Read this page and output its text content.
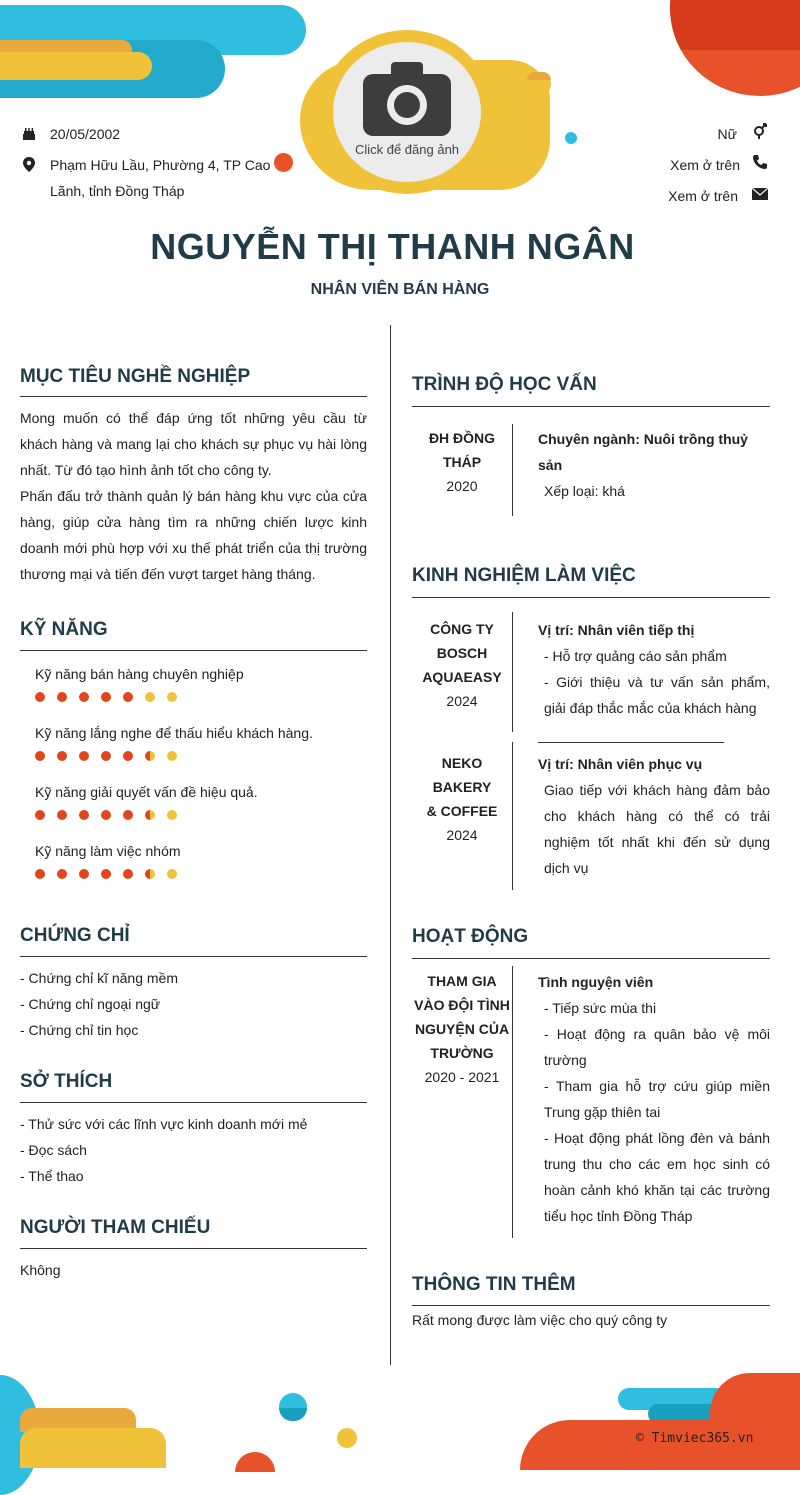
Click để đăng ảnh
20/05/2002
Phạm Hữu Lầu, Phường 4, TP Cao
Lãnh, tỉnh Đồng Tháp
Nữ
Xem ở trên
Xem ở trên
NGUYỄN THỊ THANH NGÂN
NHÂN VIÊN BÁN HÀNG
MỤC TIÊU NGHỀ NGHIỆP
Mong muốn có thể đáp ứng tốt những yêu cầu từ khách hàng và mang lại cho khách sự phục vụ hài lòng nhất. Từ đó tạo hình ảnh tốt cho công ty.
Phấn đấu trở thành quản lý bán hàng khu vực của cửa hàng, giúp cửa hàng tìm ra những chiến lược kinh doanh mới phù hợp với xu thế phát triển của thị trường thương mại và tiến đến vượt target hàng tháng.
KỸ NĂNG
Kỹ năng bán hàng chuyên nghiệp
Kỹ năng lắng nghe để thấu hiểu khách hàng.
Kỹ năng giải quyết vấn đề hiệu quả.
Kỹ năng làm việc nhóm
CHỨNG CHỈ
- Chứng chỉ kĩ năng mềm
- Chứng chỉ ngoại ngữ
- Chứng chỉ tin học
SỞ THÍCH
- Thử sức với các lĩnh vực kinh doanh mới mẻ
- Đọc sách
- Thể thao
NGƯỜI THAM CHIẾU
Không
TRÌNH ĐỘ HỌC VẤN
ĐH ĐỒNG
THÁP
2020
Chuyên ngành: Nuôi trồng thuỷ sản
Xếp loại: khá
KINH NGHIỆM LÀM VIỆC
CÔNG TY
BOSCH
AQUAEASY
2024
Vị trí: Nhân viên tiếp thị
- Hỗ trợ quảng cáo sản phẩm
- Giới thiệu và tư vấn sản phẩm, giải đáp thắc mắc của khách hàng
NEKO BAKERY
& COFFEE
2024
Vị trí: Nhân viên phục vụ
Giao tiếp với khách hàng đảm bảo cho khách hàng có thể có trải nghiệm tốt nhất khi đến sử dụng dịch vụ
HOẠT ĐỘNG
THAM GIA
VÀO ĐỘI TÌNH
NGUYỆN CỦA
TRƯỜNG
2020 - 2021
Tình nguyện viên
- Tiếp sức mùa thi
- Hoạt động ra quân bảo vệ môi trường
- Tham gia hỗ trợ cứu giúp miền Trung gặp thiên tai
- Hoạt động phát lồng đèn và bánh trung thu cho các em học sinh có hoàn cảnh khó khăn tại các trường tiểu học tỉnh Đồng Tháp
THÔNG TIN THÊM
Rất mong được làm việc cho quý công ty
© Timviec365.vn
